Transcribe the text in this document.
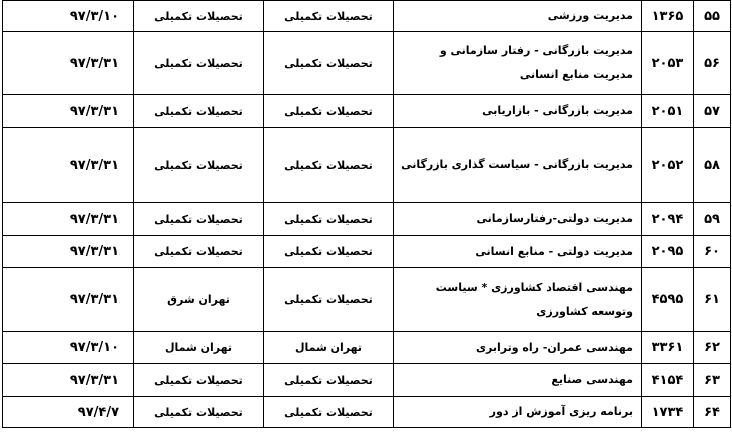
۵۵	۱۳۶۵	مدیریت ورزشی	تحصیلات تکمیلی	تحصیلات تکمیلی	۹۷/۳/۱۰
۵۶	۲۰۵۳	مدیریت بازرگانی - رفتار سازمانی و مدیریت منابع انسانی	تحصیلات تکمیلی	تحصیلات تکمیلی	۹۷/۳/۳۱
۵۷	۲۰۵۱	مدیریت بازرگانی - بازاریابی	تحصیلات تکمیلی	تحصیلات تکمیلی	۹۷/۳/۳۱
۵۸	۲۰۵۲	مدیریت بازرگانی - سیاست گذاری بازرگانی	تحصیلات تکمیلی	تحصیلات تکمیلی	۹۷/۳/۳۱
۵۹	۲۰۹۴	مدیریت دولتی-رفتارسازمانی	تحصیلات تکمیلی	تحصیلات تکمیلی	۹۷/۳/۳۱
۶۰	۲۰۹۵	مدیریت دولتی - منابع انسانی	تحصیلات تکمیلی	تحصیلات تکمیلی	۹۷/۳/۳۱
۶۱	۴۵۹۵	مهندسی اقتصاد کشاورزی * سیاست وتوسعه کشاورزی	تحصیلات تکمیلی	تهران شرق	۹۷/۳/۳۱
۶۲	۳۳۶۱	مهندسی عمران- راه وترابری	تهران شمال	تهران شمال	۹۷/۳/۱۰
۶۳	۴۱۵۴	مهندسی صنایع	تحصیلات تکمیلی	تحصیلات تکمیلی	۹۷/۳/۳۱
۶۴	۱۷۳۴	برنامه ریزی آموزش از دور	تحصیلات تکمیلی	تحصیلات تکمیلی	۹۷/۴/۷
